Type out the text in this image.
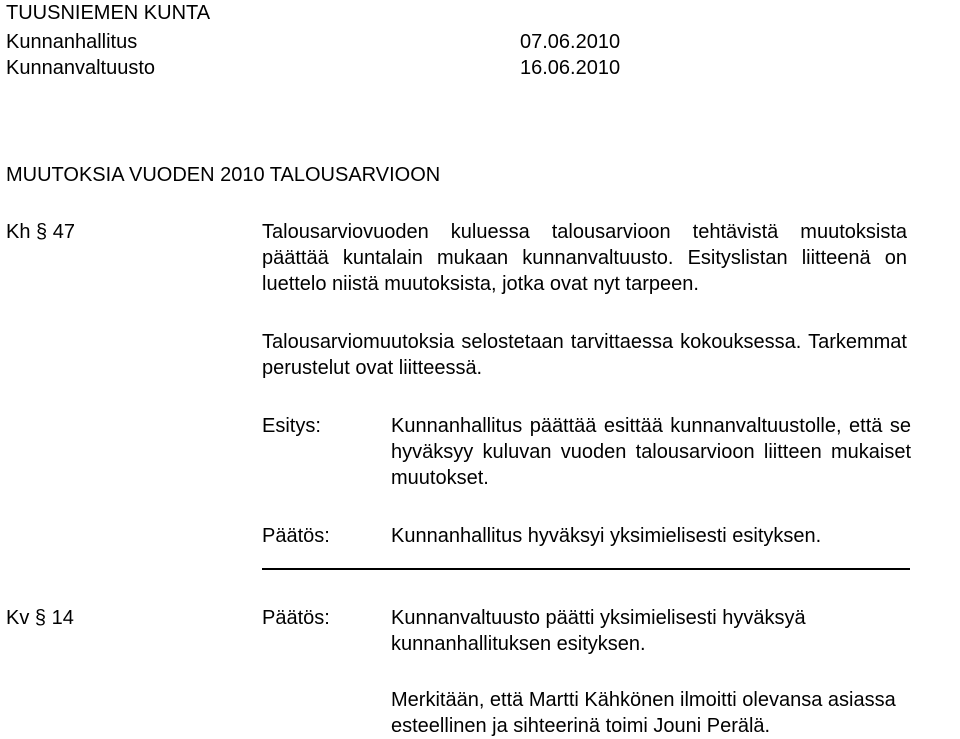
TUUSNIEMEN KUNTA
Kunnanhallitus	07.06.2010
Kunnanvaltuusto	16.06.2010
MUUTOKSIA VUODEN 2010 TALOUSARVIOON
Kh § 47	Talousarviovuoden kuluessa talousarvioon tehtävistä muutoksista päättää kuntalain mukaan kunnanvaltuusto. Esityslistan liitteenä on luettelo niistä muutoksista, jotka ovat nyt tarpeen.
Talousarviomuutoksia selostetaan tarvittaessa kokouksessa. Tarkemmat perustelut ovat liitteessä.
Esitys:	Kunnanhallitus päättää esittää kunnanvaltuustolle, että se hyväksyy kuluvan vuoden talousarvioon liitteen mukaiset muutokset.
Päätös:	Kunnanhallitus hyväksyi yksimielisesti esityksen.
Kv § 14	Päätös:	Kunnanvaltuusto päätti yksimielisesti hyväksyä kunnanhallituksen esityksen.
Merkitään, että Martti Kähkönen ilmoitti olevansa asiassa esteellinen ja sihteerinä toimi Jouni Perälä.
